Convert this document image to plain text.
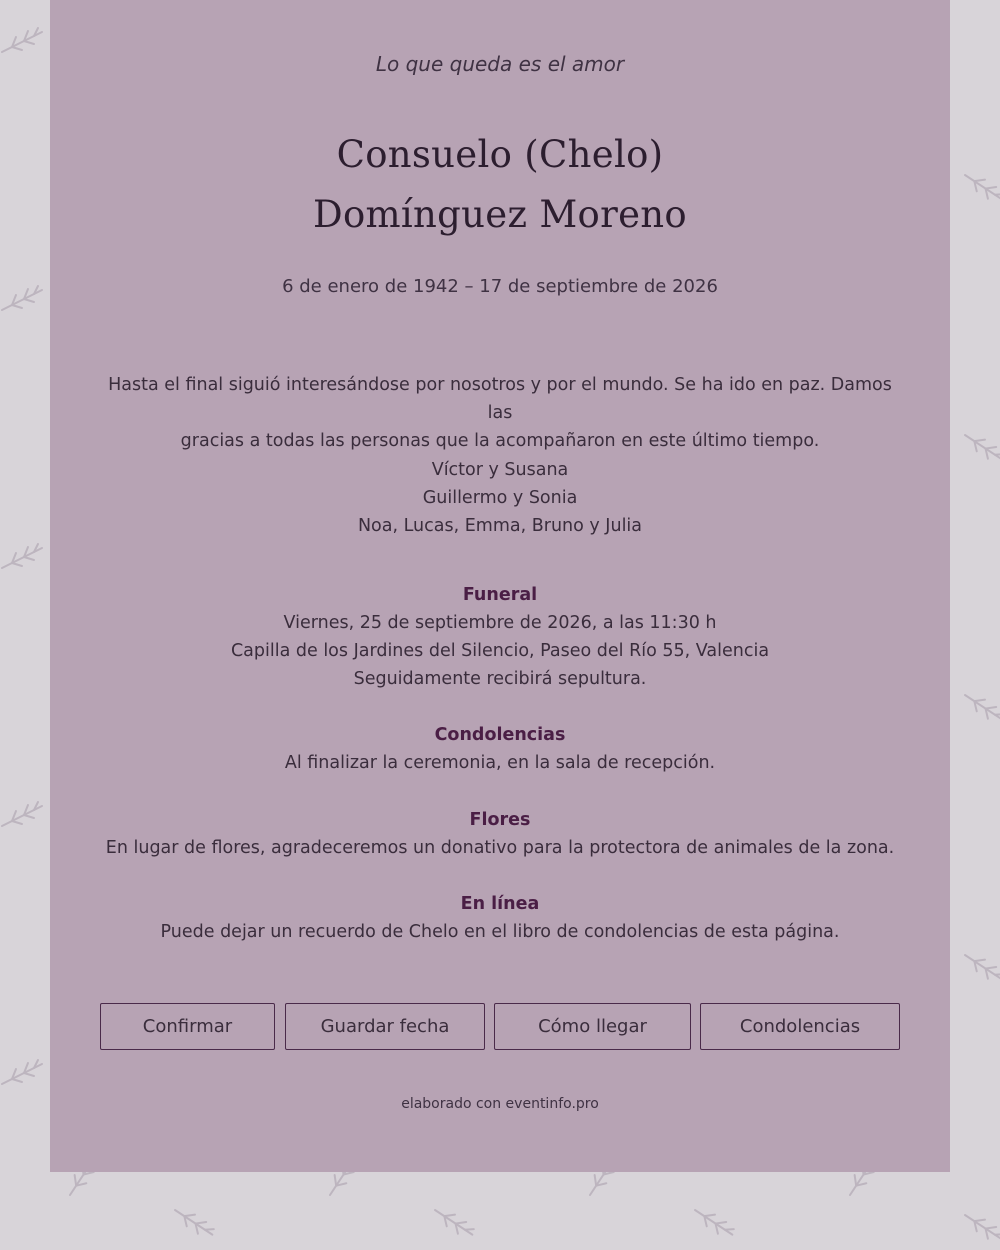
Lo que queda es el amor
Consuelo (Chelo)
Domínguez Moreno
6 de enero de 1942 – 17 de septiembre de 2026
Hasta el final siguió interesándose por nosotros y por el mundo. Se ha ido en paz. Damos las
gracias a todas las personas que la acompañaron en este último tiempo.
Víctor y Susana
Guillermo y Sonia
Noa, Lucas, Emma, Bruno y Julia
Funeral
Viernes, 25 de septiembre de 2026, a las 11:30 h
Capilla de los Jardines del Silencio, Paseo del Río 55, Valencia
Seguidamente recibirá sepultura.
Condolencias
Al finalizar la ceremonia, en la sala de recepción.
Flores
En lugar de flores, agradeceremos un donativo para la protectora de animales de la zona.
En línea
Puede dejar un recuerdo de Chelo en el libro de condolencias de esta página.
Confirmar	Guardar fecha	Cómo llegar	Condolencias
elaborado con eventinfo.pro
